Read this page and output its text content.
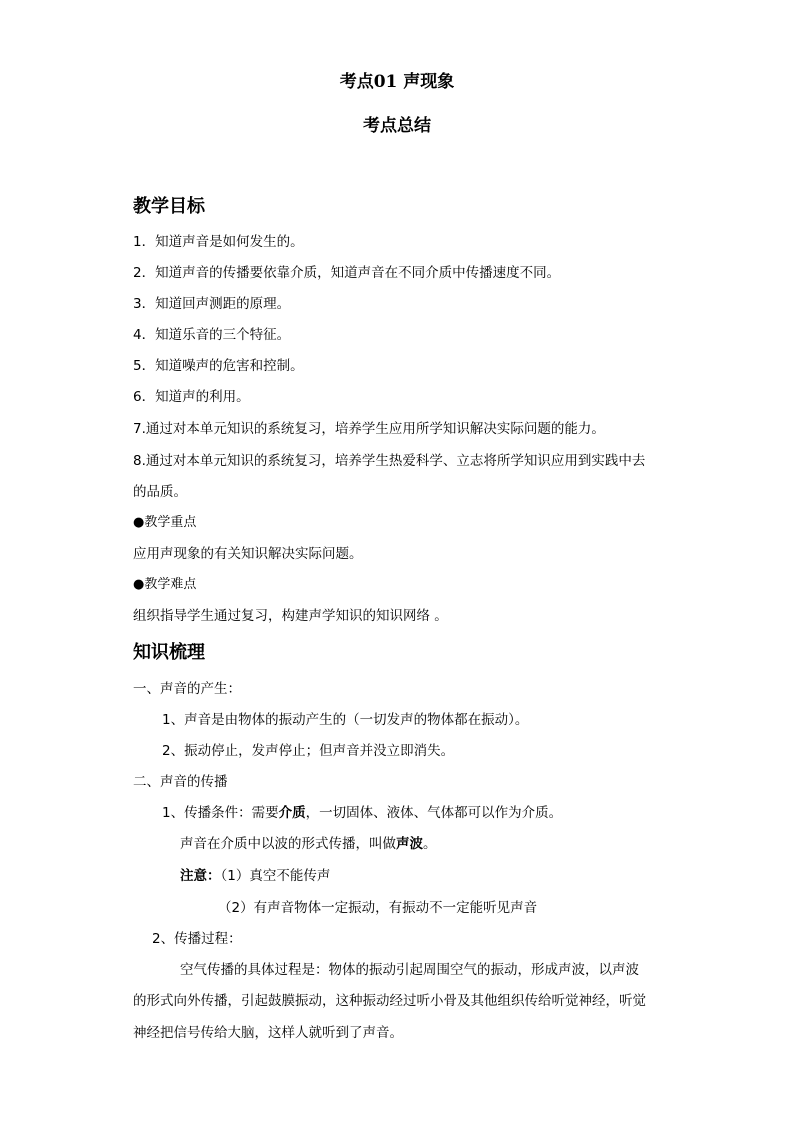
考点01 声现象
考点总结
教学目标
1．知道声音是如何发生的。
2．知道声音的传播要依靠介质，知道声音在不同介质中传播速度不同。
3．知道回声测距的原理。
4．知道乐音的三个特征。
5．知道噪声的危害和控制。
6．知道声的利用。
7.通过对本单元知识的系统复习，培养学生应用所学知识解决实际问题的能力。
8.通过对本单元知识的系统复习，培养学生热爱科学、立志将所学知识应用到实践中去
的品质。
●教学重点
应用声现象的有关知识解决实际问题。
●教学难点
组织指导学生通过复习，构建声学知识的知识网络 。
知识梳理
一、声音的产生：
1、声音是由物体的振动产生的（一切发声的物体都在振动）。
2、振动停止，发声停止；但声音并没立即消失。
二、声音的传播
1、传播条件：需要介质，一切固体、液体、气体都可以作为介质。
声音在介质中以波的形式传播，叫做声波。
注意：（1）真空不能传声
（2）有声音物体一定振动，有振动不一定能听见声音
2、传播过程：
空气传播的具体过程是：物体的振动引起周围空气的振动，形成声波，以声波
的形式向外传播，引起鼓膜振动，这种振动经过听小骨及其他组织传给听觉神经，听觉
神经把信号传给大脑，这样人就听到了声音。
